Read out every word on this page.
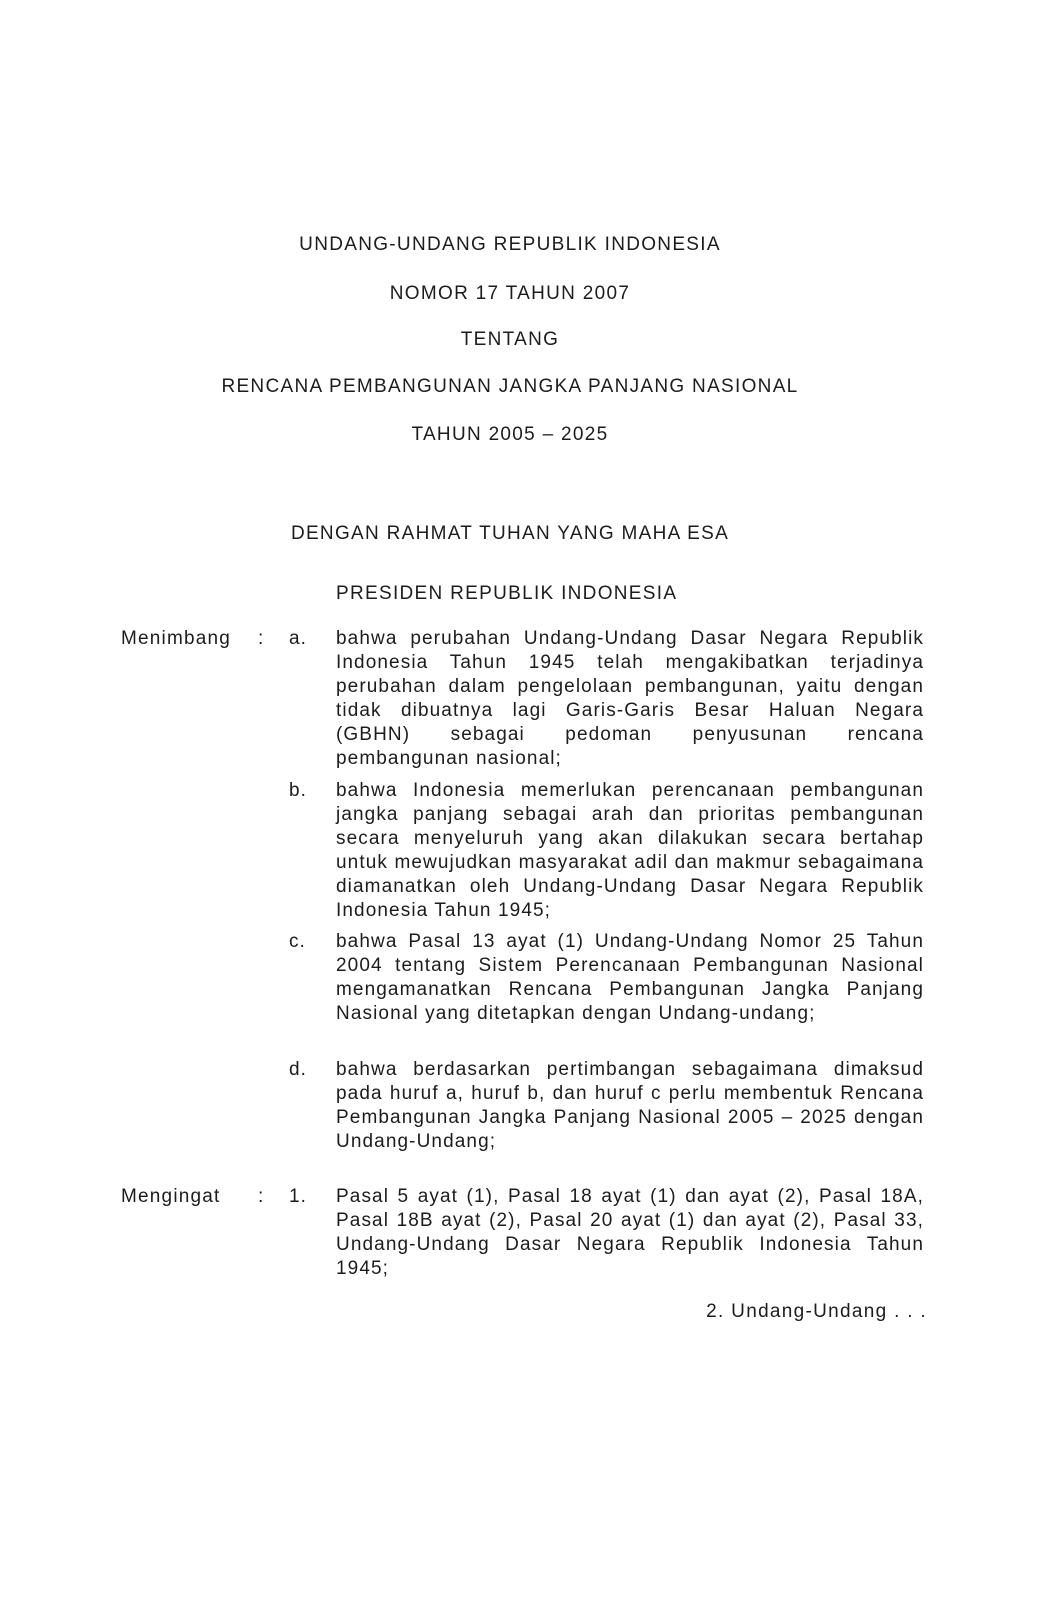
UNDANG-UNDANG REPUBLIK INDONESIA
NOMOR 17 TAHUN 2007
TENTANG
RENCANA PEMBANGUNAN JANGKA PANJANG NASIONAL
TAHUN 2005 – 2025
DENGAN RAHMAT TUHAN YANG MAHA ESA
PRESIDEN REPUBLIK INDONESIA
Menimbang : a.	bahwa perubahan Undang-Undang Dasar Negara Republik Indonesia Tahun 1945 telah mengakibatkan terjadinya perubahan dalam pengelolaan pembangunan, yaitu dengan tidak dibuatnya lagi Garis-Garis Besar Haluan Negara (GBHN) sebagai pedoman penyusunan rencana pembangunan nasional;
b.	bahwa Indonesia memerlukan perencanaan pembangunan jangka panjang sebagai arah dan prioritas pembangunan secara menyeluruh yang akan dilakukan secara bertahap untuk mewujudkan masyarakat adil dan makmur sebagaimana diamanatkan oleh Undang-Undang Dasar Negara Republik Indonesia Tahun 1945;
c.	bahwa Pasal 13 ayat (1) Undang-Undang Nomor 25 Tahun 2004 tentang Sistem Perencanaan Pembangunan Nasional mengamanatkan Rencana Pembangunan Jangka Panjang Nasional yang ditetapkan dengan Undang-undang;
d.	bahwa berdasarkan pertimbangan sebagaimana dimaksud pada huruf a, huruf b, dan huruf c perlu membentuk Rencana Pembangunan Jangka Panjang Nasional 2005 – 2025 dengan Undang-Undang;
Mengingat : 1.	Pasal 5 ayat (1), Pasal 18 ayat (1) dan ayat (2), Pasal 18A, Pasal 18B ayat (2), Pasal 20 ayat (1) dan ayat (2), Pasal 33, Undang-Undang Dasar Negara Republik Indonesia Tahun 1945;
2. Undang-Undang . . .
